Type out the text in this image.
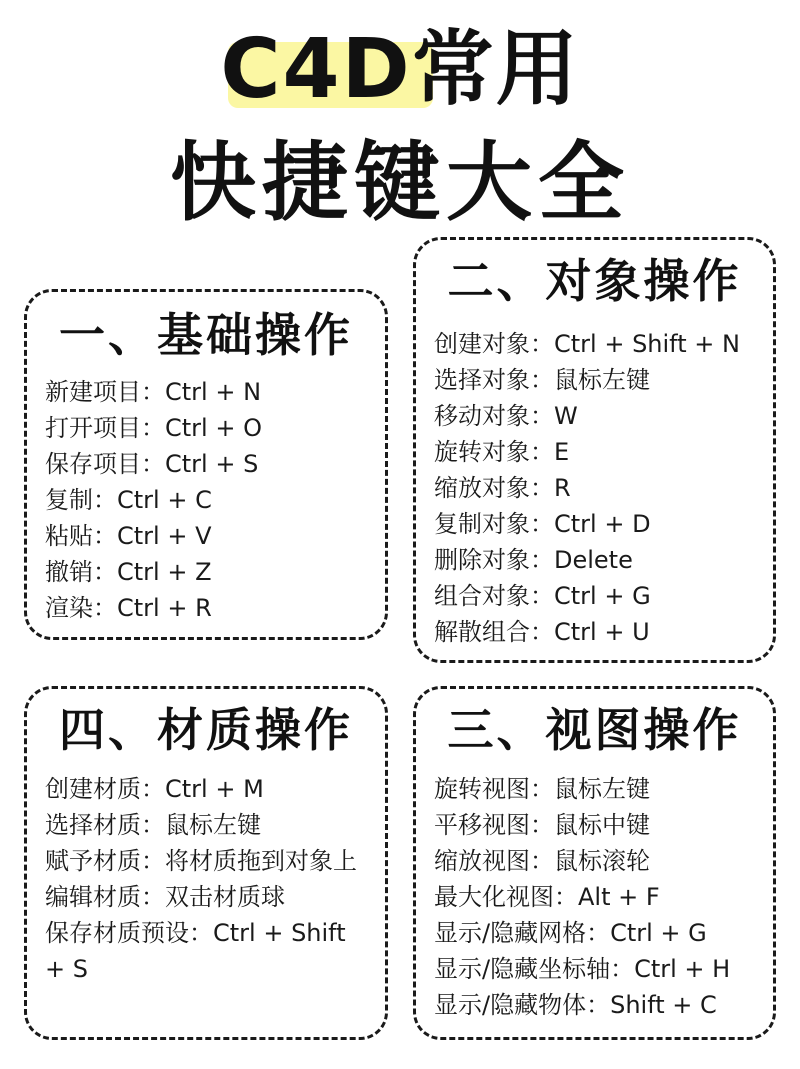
C4D常用
快捷键大全
一、基础操作
新建项目：Ctrl + N
打开项目：Ctrl + O
保存项目：Ctrl + S
复制：Ctrl + C
粘贴：Ctrl + V
撤销：Ctrl + Z
渲染：Ctrl + R
二、对象操作
创建对象：Ctrl + Shift + N
选择对象：鼠标左键
移动对象：W
旋转对象：E
缩放对象：R
复制对象：Ctrl + D
删除对象：Delete
组合对象：Ctrl + G
解散组合：Ctrl + U
四、材质操作
创建材质：Ctrl + M
选择材质：鼠标左键
赋予材质：将材质拖到对象上
编辑材质：双击材质球
保存材质预设：Ctrl + Shift + S
三、视图操作
旋转视图：鼠标左键
平移视图：鼠标中键
缩放视图：鼠标滚轮
最大化视图：Alt + F
显示/隐藏网格：Ctrl + G
显示/隐藏坐标轴：Ctrl + H
显示/隐藏物体：Shift + C
